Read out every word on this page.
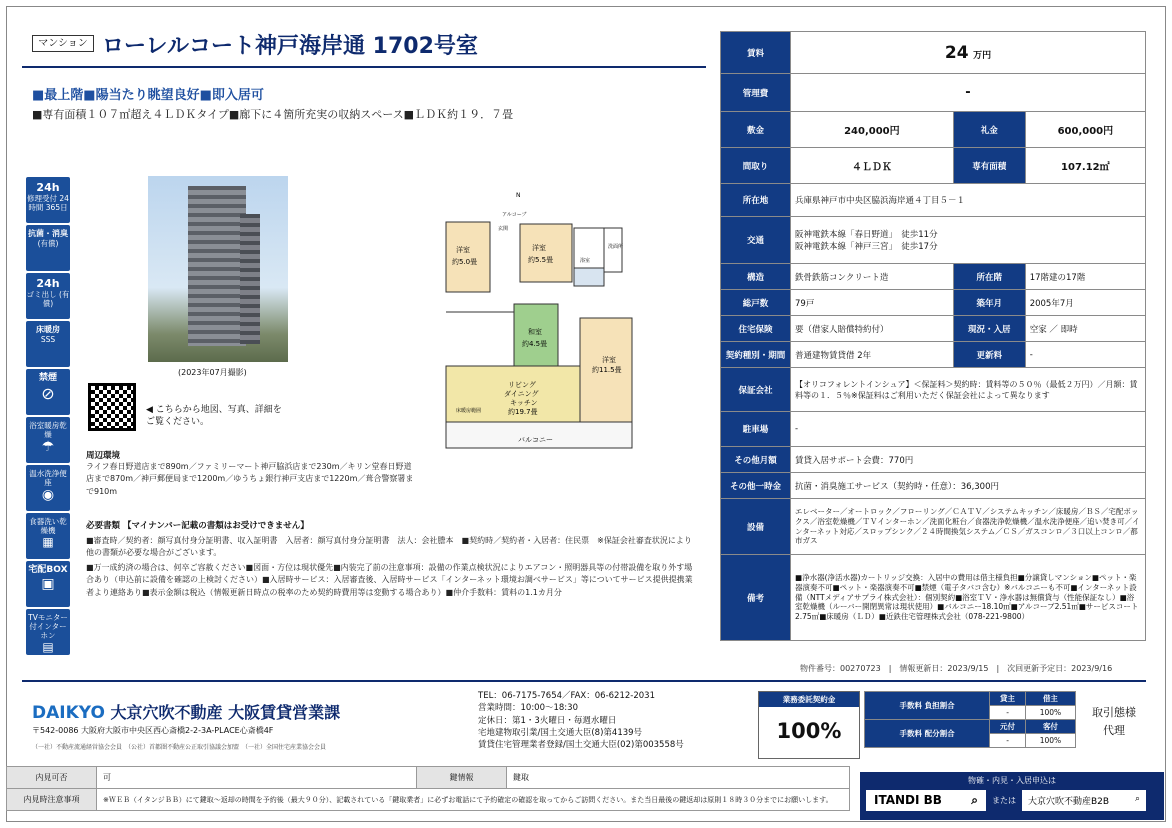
マンション ローレルコート神戸海岸通 1702号室
■最上階■陽当たり眺望良好■即入居可
■専有面積１０７㎡超え４ＬＤＫタイプ■廊下に４箇所充実の収納スペース■ＬＤＫ約１９．７畳
24h
修理受付 24時間 365日
抗菌・消臭
(有償)
24h
ゴミ出し (有償)
床暖房
SSS
禁煙
⊘
浴室暖房乾燥
☂
温水洗浄便座
◉
食器洗い乾燥機
▦
宅配BOX
▣
TVモニター付インターホン
▤
(2023年07月撮影)
◀ こちらから地図、写真、詳細を
ご覧ください。
洋室
約5.0畳
洋室
約5.5畳
和室
約4.5畳
洋室
約11.5畳
リビング
ダイニング
キッチン
約19.7畳
バルコニー
玄関
浴室
洗面所
アルコーブ
N
床暖房範囲
周辺環境
ライフ春日野道店まで890m／ファミリーマート神戸脇浜店まで230m／キリン堂春日野道店まで870m／神戸郵便局まで1200m／ゆうちょ銀行神戸支店まで1220m／葺合警察署まで910m
必要書類 【マイナンバー記載の書類はお受けできません】
■審査時／契約者：顔写真付身分証明書、収入証明書　入居者：顔写真付身分証明書　法人：会社謄本　■契約時／契約者・入居者：住民票　※保証会社審査状況により他の書類が必要な場合がございます。
■万一成約済の場合は、何卒ご容赦ください■図面・方位は現状優先■内装完了前の注意事項：設備の作業点検状況によりエアコン・照明器具等の付帯設備を取り外す場合あり（申込前に設備を確認の上検討ください）■入居時サービス：入居審査後、入居時サービス「インターネット環境お調べサービス」等についてサービス提供提携業者より連絡あり■表示金額は税込（情報更新日時点の税率のため契約時費用等は変動する場合あり）■仲介手数料：賃料の1.1カ月分
賃料	24 万円		
管理費	-		
敷金	240,000円	礼金	600,000円
間取り	４ＬＤＫ	専有面積	107.12㎡
所在地	兵庫県神戸市中央区脇浜海岸通４丁目５－１		
交通	阪神電鉄本線「春日野道」　徒歩11分
阪神電鉄本線「神戸三宮」　徒歩17分		
構造	鉄骨鉄筋コンクリート造	所在階	17階建の17階
総戸数	79戸	築年月	2005年7月
住宅保険	要（借家人賠償特約付）	現況・入居	空家 ／ 即時
契約種別・期間	普通建物賃貸借 2年	更新料	-
保証会社	【オリコフォレントインシュア】＜保証料＞契約時：賃料等の５０％（最低２万円）／月額：賃料等の１．５％※保証料はご利用いただく保証会社によって異なります		
駐車場	-		
その他月額	賃貸入居サポート会費：770円		
その他一時金	抗菌・消臭施工サービス（契約時・任意）：36,300円		
設備	エレベーター／オートロック／フローリング／ＣＡＴＶ／システムキッチン／床暖房／ＢＳ／宅配ボックス／浴室乾燥機／ＴＶインターホン／洗面化粧台／食器洗浄乾燥機／温水洗浄便座／追い焚き可／インターネット対応／スロップシンク／２４時間換気システム／ＣＳ／ガスコンロ／３口以上コンロ／都市ガス		
備考	■浄水器(浄活水器)カートリッジ交換：入居中の費用は借主様負担■分譲貸しマンション■ペット・楽器演奏不可■ペット・楽器演奏不可■禁煙（電子タバコ含む）※バルコニーも不可■インターネット設備（NTTメディアサプライ株式会社）：個別契約■浴室ＴＶ・浄水器は無償貸与（性能保証なし）■浴室乾燥機（ルーバー開閉異常は現状使用）■バルコニー18.10㎡■アルコーブ2.51㎡■サービスコート2.75㎡■床暖房（ＬＤ）■近鉄住宅管理株式会社（078-221-9800）		
物件番号：00270723　|　情報更新日：2023/9/15　|　次回更新予定日：2023/9/16
DAIKYO 大京穴吹不動産 大阪賃貸営業課
〒542-0086 大阪府大阪市中央区西心斎橋2-2-3A-PLACE心斎橋4F
（一社）不動産流通経営協会会員　（公社）首都圏不動産公正取引協議会加盟　（一社）全国住宅産業協会会員
TEL：06-7175-7654／FAX：06-6212-2031
営業時間：10:00～18:30
定休日：第1・3火曜日・毎週水曜日
宅地建物取引業/国土交通大臣(8)第4139号
賃貸住宅管理業者登録/国土交通大臣(02)第003558号
業務委託契約金
100%
手数料 負担割合	貸主	借主
	-	100%
手数料 配分割合	元付	客付
	-	100%
取引態様
代理
内見可否	可	鍵情報	鍵取
内見時注意事項	※ＷＥＢ（イタンジＢＢ）にて鍵取～返却の時間を予約後（最大９０分）、記載されている「鍵取業者」に必ずお電話にて予約確定の確認を取ってからご訪問ください。また当日最後の鍵返却は原則１８時３０分までにお願いします。		
物確・内見・入居申込は
ITANDI BB ⌕ または	大京穴吹不動産B2B	⌕
